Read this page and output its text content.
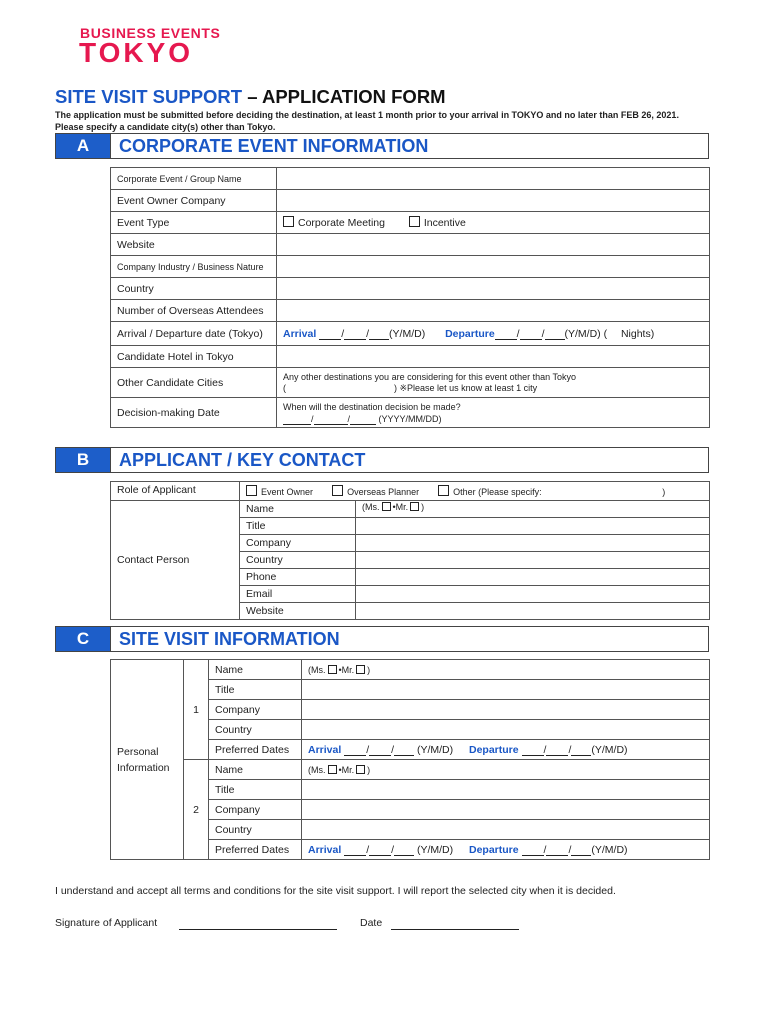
BUSINESS EVENTS
TOKYO
SITE VISIT SUPPORT – APPLICATION FORM
The application must be submitted before deciding the destination, at least 1 month prior to your arrival in TOKYO and no later than FEB 26, 2021.
Please specify a candidate city(s) other than Tokyo.
A	CORPORATE EVENT INFORMATION
Corporate Event / Group Name	
Event Owner Company	
Event Type	Corporate Meeting Incentive
Website	
Company Industry / Business Nature	
Country	
Number of Overseas Attendees	
Arrival / Departure date (Tokyo)	Arrival / / (Y/M/D) Departure / / (Y/M/D) ( Nights)
Candidate Hotel in Tokyo	
Other Candidate Cities	Any other destinations you are considering for this event other than Tokyo
( ) ※Please let us know at least 1 city

Decision-making Date	When will the destination decision be made?
/ / (YYYY/MM/DD)
B	APPLICANT / KEY CONTACT
Role of Applicant	Event Owner Overseas Planner Other (Please specify: )	
Contact Person	Name	(Ms. •Mr. )
	Title	
	Company	
	Country	
	Phone	
	Email	
	Website	
C	SITE VISIT INFORMATION
Personal
Information	1	Name	(Ms. •Mr. )
		Title	
		Company	
		Country	
		Preferred Dates	Arrival / / (Y/M/D) Departure / / (Y/M/D)
	2	Name	(Ms. •Mr. )
		Title	
		Company	
		Country	
		Preferred Dates	Arrival / / (Y/M/D) Departure / / (Y/M/D)
I understand and accept all terms and conditions for the site visit support. I will report the selected city when it is decided.
Signature of Applicant	Date
